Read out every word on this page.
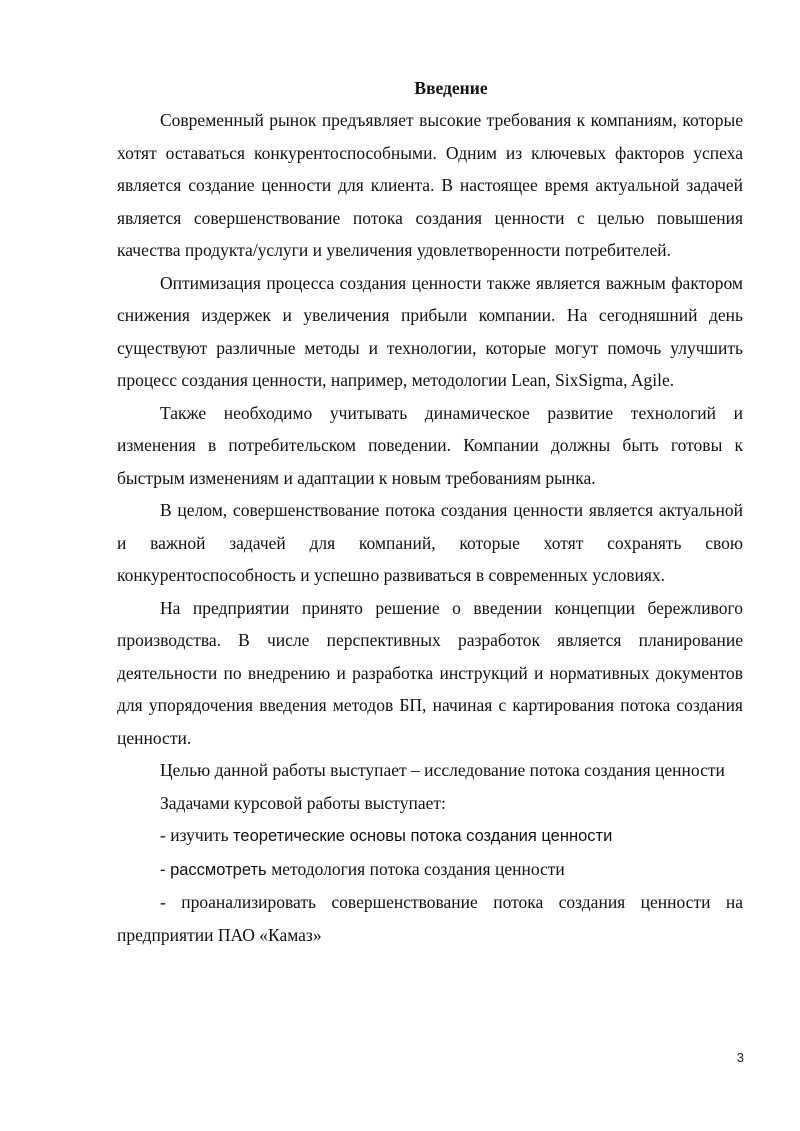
Введение

Современный рынок предъявляет высокие требования к компаниям, которые хотят оставаться конкурентоспособными. Одним из ключевых факторов успеха является создание ценности для клиента. В настоящее время актуальной задачей является совершенствование потока создания ценности с целью повышения качества продукта/услуги и увеличения удовлетворенности потребителей.

Оптимизация процесса создания ценности также является важным фактором снижения издержек и увеличения прибыли компании. На сегодняшний день существуют различные методы и технологии, которые могут помочь улучшить процесс создания ценности, например, методологии Lean, SixSigma, Agile.

Также необходимо учитывать динамическое развитие технологий и изменения в потребительском поведении. Компании должны быть готовы к быстрым изменениям и адаптации к новым требованиям рынка.

В целом, совершенствование потока создания ценности является актуальной и важной задачей для компаний, которые хотят сохранять свою конкурентоспособность и успешно развиваться в современных условиях.

На предприятии принято решение о введении концепции бережливого производства. В числе перспективных разработок является планирование деятельности по внедрению и разработка инструкций и нормативных документов для упорядочения введения методов БП, начиная с картирования потока создания ценности.

Целью данной работы выступает – исследование потока создания ценности

Задачами курсовой работы выступает:

- изучить теоретические основы потока создания ценности

- рассмотреть методология потока создания ценности

- проанализировать совершенствование потока создания ценности на предприятии ПАО «Камаз»

3
